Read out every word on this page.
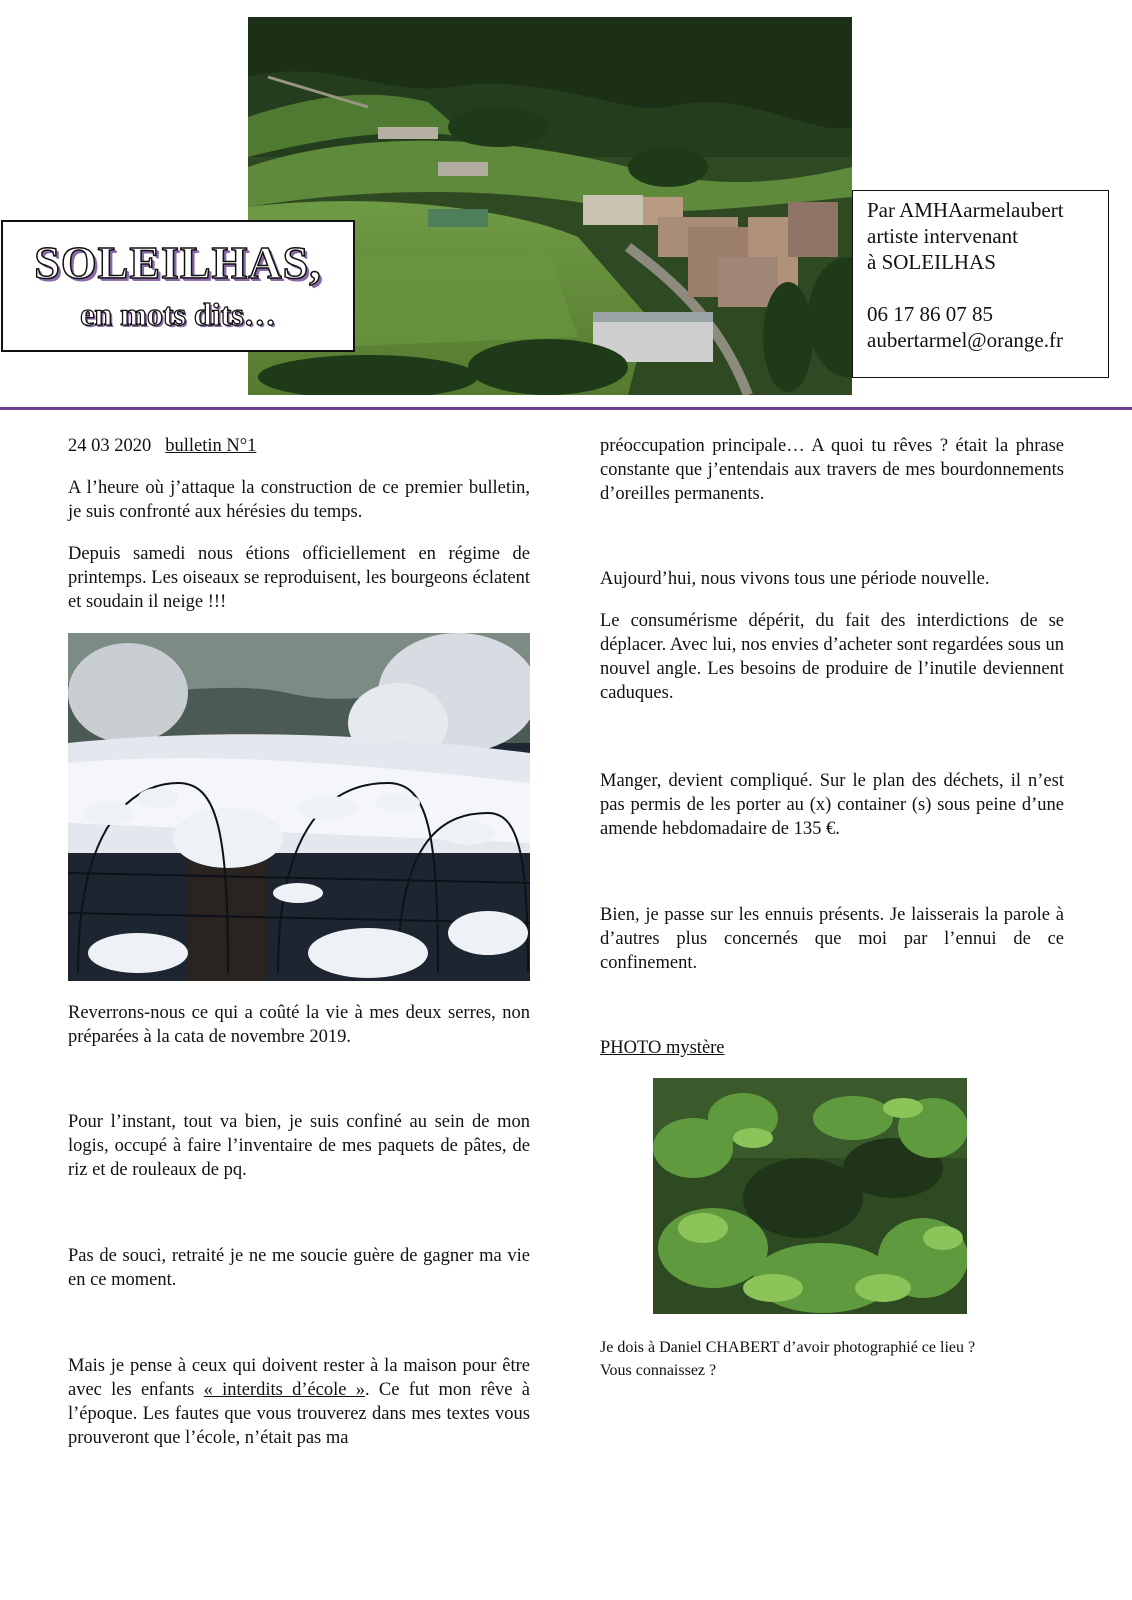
SOLEILHAS,
en mots dits…
Par AMHAarmelaubert
artiste intervenant
à SOLEILHAS
06 17 86 07 85
aubertarmel@orange.fr

24 03 2020 bulletin N°1

A l’heure où j’attaque la construction de ce premier bulletin, je suis confronté aux hérésies du temps.

Depuis samedi nous étions officiellement en régime de printemps. Les oiseaux se reproduisent, les bourgeons éclatent et soudain il neige !!!

Reverrons-nous ce qui a coûté la vie à mes deux serres, non préparées à la cata de novembre 2019.

Pour l’instant, tout va bien, je suis confiné au sein de mon logis, occupé à faire l’inventaire de mes paquets de pâtes, de riz et de rouleaux de pq.

Pas de souci, retraité je ne me soucie guère de gagner ma vie en ce moment.

Mais je pense à ceux qui doivent rester à la maison pour être avec les enfants « interdits d’école ». Ce fut mon rêve à l’époque. Les fautes que vous trouverez dans mes textes vous prouveront que l’école, n’était pas ma

préoccupation principale… A quoi tu rêves ? était la phrase constante que j’entendais aux travers de mes bourdonnements d’oreilles permanents.

Aujourd’hui, nous vivons tous une période nouvelle.

Le consumérisme dépérit, du fait des interdictions de se déplacer. Avec lui, nos envies d’acheter sont regardées sous un nouvel angle. Les besoins de produire de l’inutile deviennent caduques.

Manger, devient compliqué. Sur le plan des déchets, il n’est pas permis de les porter au (x) container (s) sous peine d’une amende hebdomadaire de 135 €.

Bien, je passe sur les ennuis présents. Je laisserais la parole à d’autres plus concernés que moi par l’ennui de ce confinement.

PHOTO mystère

Je dois à Daniel CHABERT d’avoir photographié ce lieu ?
Vous connaissez ?
